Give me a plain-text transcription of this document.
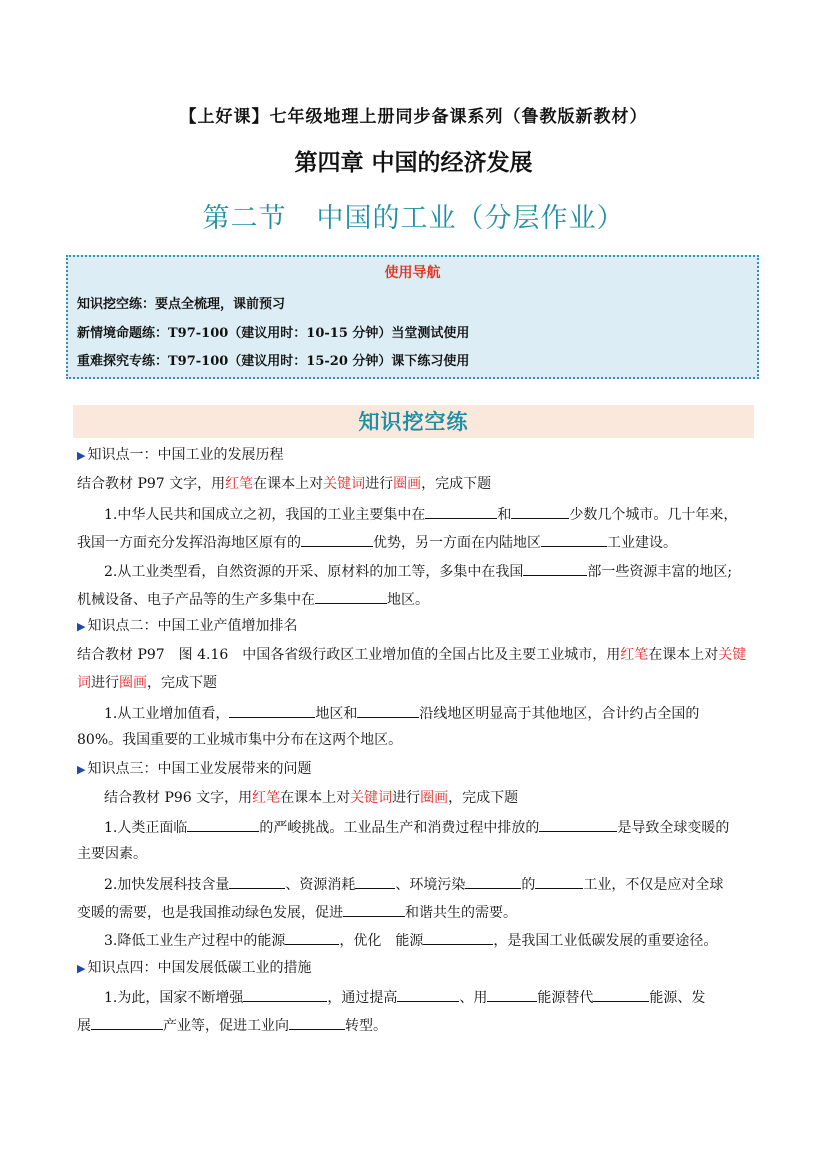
【上好课】七年级地理上册同步备课系列（鲁教版新教材）
第四章 中国的经济发展
第二节 中国的工业（分层作业）
使用导航
知识挖空练：要点全梳理，课前预习
新情境命题练：T97-100（建议用时：10-15 分钟）当堂测试使用
重难探究专练：T97-100（建议用时：15-20 分钟）课下练习使用
知识挖空练
▶ 知识点一：中国工业的发展历程
结合教材 P97 文字，用红笔在课本上对关键词进行圈画，完成下题
1.中华人民共和国成立之初，我国的工业主要集中在	和	少数几个城市。几十年来，
我国一方面充分发挥沿海地区原有的	优势，另一方面在内陆地区	工业建设。
2.从工业类型看，自然资源的开采、原材料的加工等，多集中在我国	部一些资源丰富的地区;
机械设备、电子产品等的生产多集中在	地区。
▶ 知识点二：中国工业产值增加排名
结合教材 P97　图 4.16　中国各省级行政区工业增加值的全国占比及主要工业城市，用红笔在课本上对关键
词进行圈画，完成下题
1.从工业增加值看，	地区和	沿线地区明显高于其他地区，合计约占全国的
80%。我国重要的工业城市集中分布在这两个地区。
▶ 知识点三：中国工业发展带来的问题
结合教材 P96 文字，用红笔在课本上对关键词进行圈画，完成下题
1.人类正面临	的严峻挑战。工业品生产和消费过程中排放的	是导致全球变暖的
主要因素。
2.加快发展科技含量	、资源消耗	、环境污染	的	工业，不仅是应对全球
变暖的需要，也是我国推动绿色发展，促进	和谐共生的需要。
3.降低工业生产过程中的能源	，优化　能源	，是我国工业低碳发展的重要途径。
▶ 知识点四：中国发展低碳工业的措施
1.为此，国家不断增强	，通过提高	、用	能源替代	能源、发
展	产业等，促进工业向	转型。
